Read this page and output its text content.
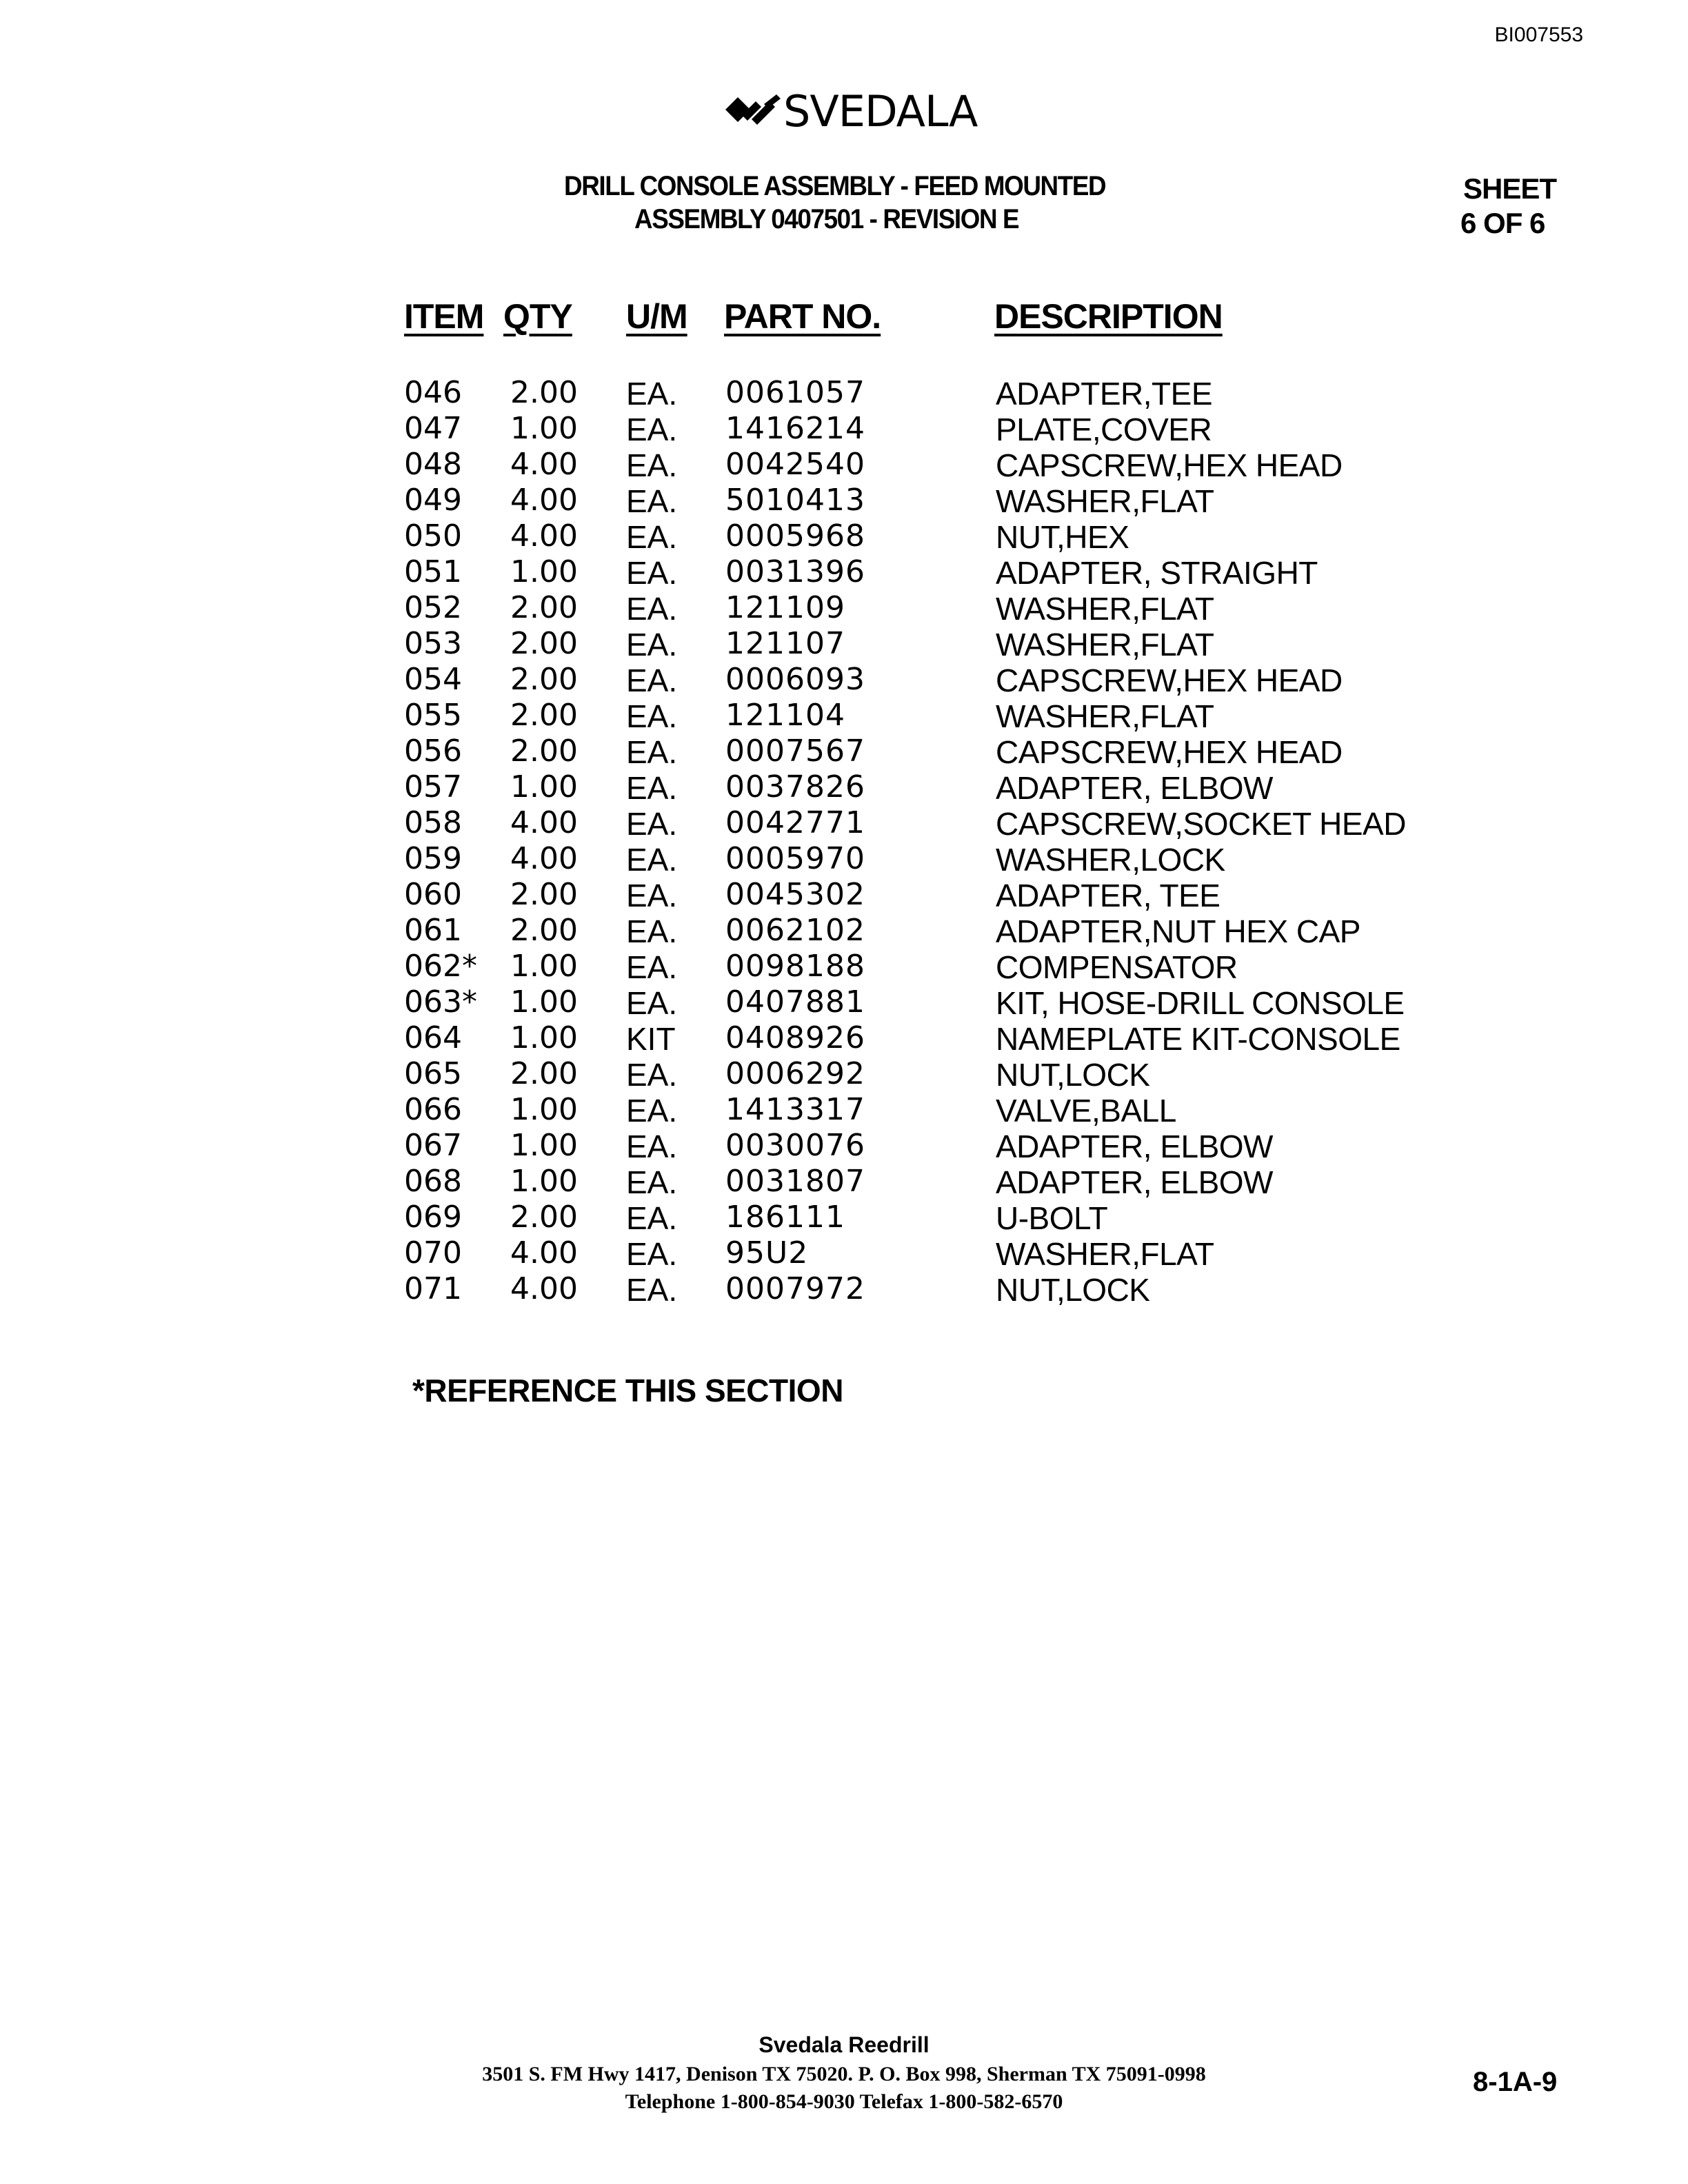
BI007553
SVEDALA
DRILL CONSOLE ASSEMBLY - FEED MOUNTED
ASSEMBLY 0407501 - REVISION E
SHEET
6 OF 6
ITEM QTY U/M PART NO.	DESCRIPTION
046 2.00 EA. 0061057	ADAPTER,TEE
047 1.00 EA. 1416214	PLATE,COVER
048 4.00 EA. 0042540	CAPSCREW,HEX HEAD
049 4.00 EA. 5010413	WASHER,FLAT
050 4.00 EA. 0005968	NUT,HEX
051 1.00 EA. 0031396	ADAPTER, STRAIGHT
052 2.00 EA. 121109	WASHER,FLAT
053 2.00 EA. 121107	WASHER,FLAT
054 2.00 EA. 0006093	CAPSCREW,HEX HEAD
055 2.00 EA. 121104	WASHER,FLAT
056 2.00 EA. 0007567	CAPSCREW,HEX HEAD
057 1.00 EA. 0037826	ADAPTER, ELBOW
058 4.00 EA. 0042771	CAPSCREW,SOCKET HEAD
059 4.00 EA. 0005970	WASHER,LOCK
060 2.00 EA. 0045302	ADAPTER, TEE
061 2.00 EA. 0062102	ADAPTER,NUT HEX CAP
062* 1.00 EA. 0098188	COMPENSATOR
063* 1.00 EA. 0407881	KIT, HOSE-DRILL CONSOLE
064 1.00 KIT 0408926	NAMEPLATE KIT-CONSOLE
065 2.00 EA. 0006292	NUT,LOCK
066 1.00 EA. 1413317	VALVE,BALL
067 1.00 EA. 0030076	ADAPTER, ELBOW
068 1.00 EA. 0031807	ADAPTER, ELBOW
069 2.00 EA. 186111	U-BOLT
070 4.00 EA. 95U2	WASHER,FLAT
071 4.00 EA. 0007972	NUT,LOCK
*REFERENCE THIS SECTION
Svedala Reedrill
3501 S. FM Hwy 1417, Denison TX 75020. P. O. Box 998, Sherman TX 75091-0998
Telephone 1-800-854-9030 Telefax 1-800-582-6570
8-1A-9
